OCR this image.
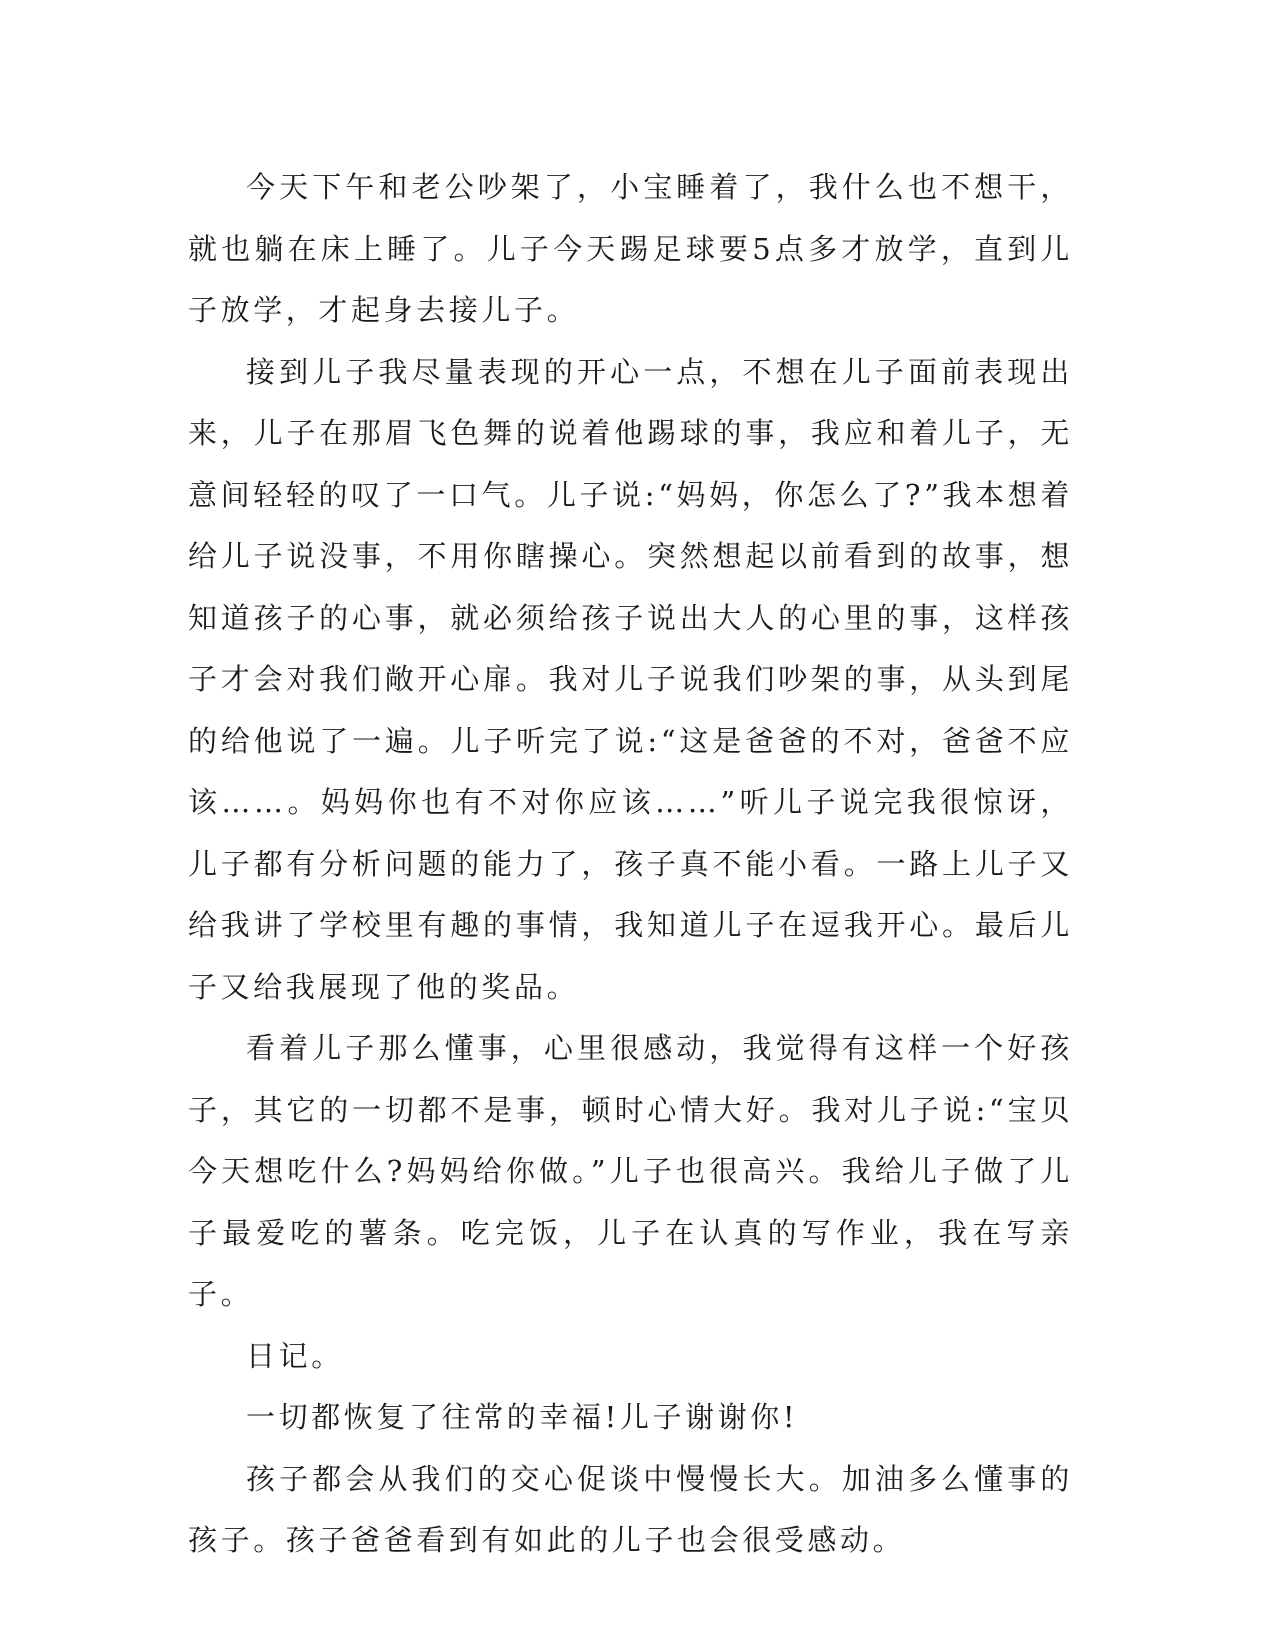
今天下午和老公吵架了，小宝睡着了，我什么也不想干，就也躺在床上睡了。儿子今天踢足球要5点多才放学，直到儿子放学，才起身去接儿子。

接到儿子我尽量表现的开心一点，不想在儿子面前表现出来，儿子在那眉飞色舞的说着他踢球的事，我应和着儿子，无意间轻轻的叹了一口气。儿子说:“妈妈，你怎么了?”我本想着给儿子说没事，不用你瞎操心。突然想起以前看到的故事，想知道孩子的心事，就必须给孩子说出大人的心里的事，这样孩子才会对我们敞开心扉。我对儿子说我们吵架的事，从头到尾的给他说了一遍。儿子听完了说:“这是爸爸的不对，爸爸不应该……。妈妈你也有不对你应该……”听儿子说完我很惊讶，儿子都有分析问题的能力了，孩子真不能小看。一路上儿子又给我讲了学校里有趣的事情，我知道儿子在逗我开心。最后儿子又给我展现了他的奖品。

看着儿子那么懂事，心里很感动，我觉得有这样一个好孩子，其它的一切都不是事，顿时心情大好。我对儿子说:“宝贝今天想吃什么?妈妈给你做。”儿子也很高兴。我给儿子做了儿子最爱吃的薯条。吃完饭，儿子在认真的写作业，我在写亲子。

日记。

一切都恢复了往常的幸福!儿子谢谢你!

孩子都会从我们的交心促谈中慢慢长大。加油多么懂事的孩子。孩子爸爸看到有如此的儿子也会很受感动。
